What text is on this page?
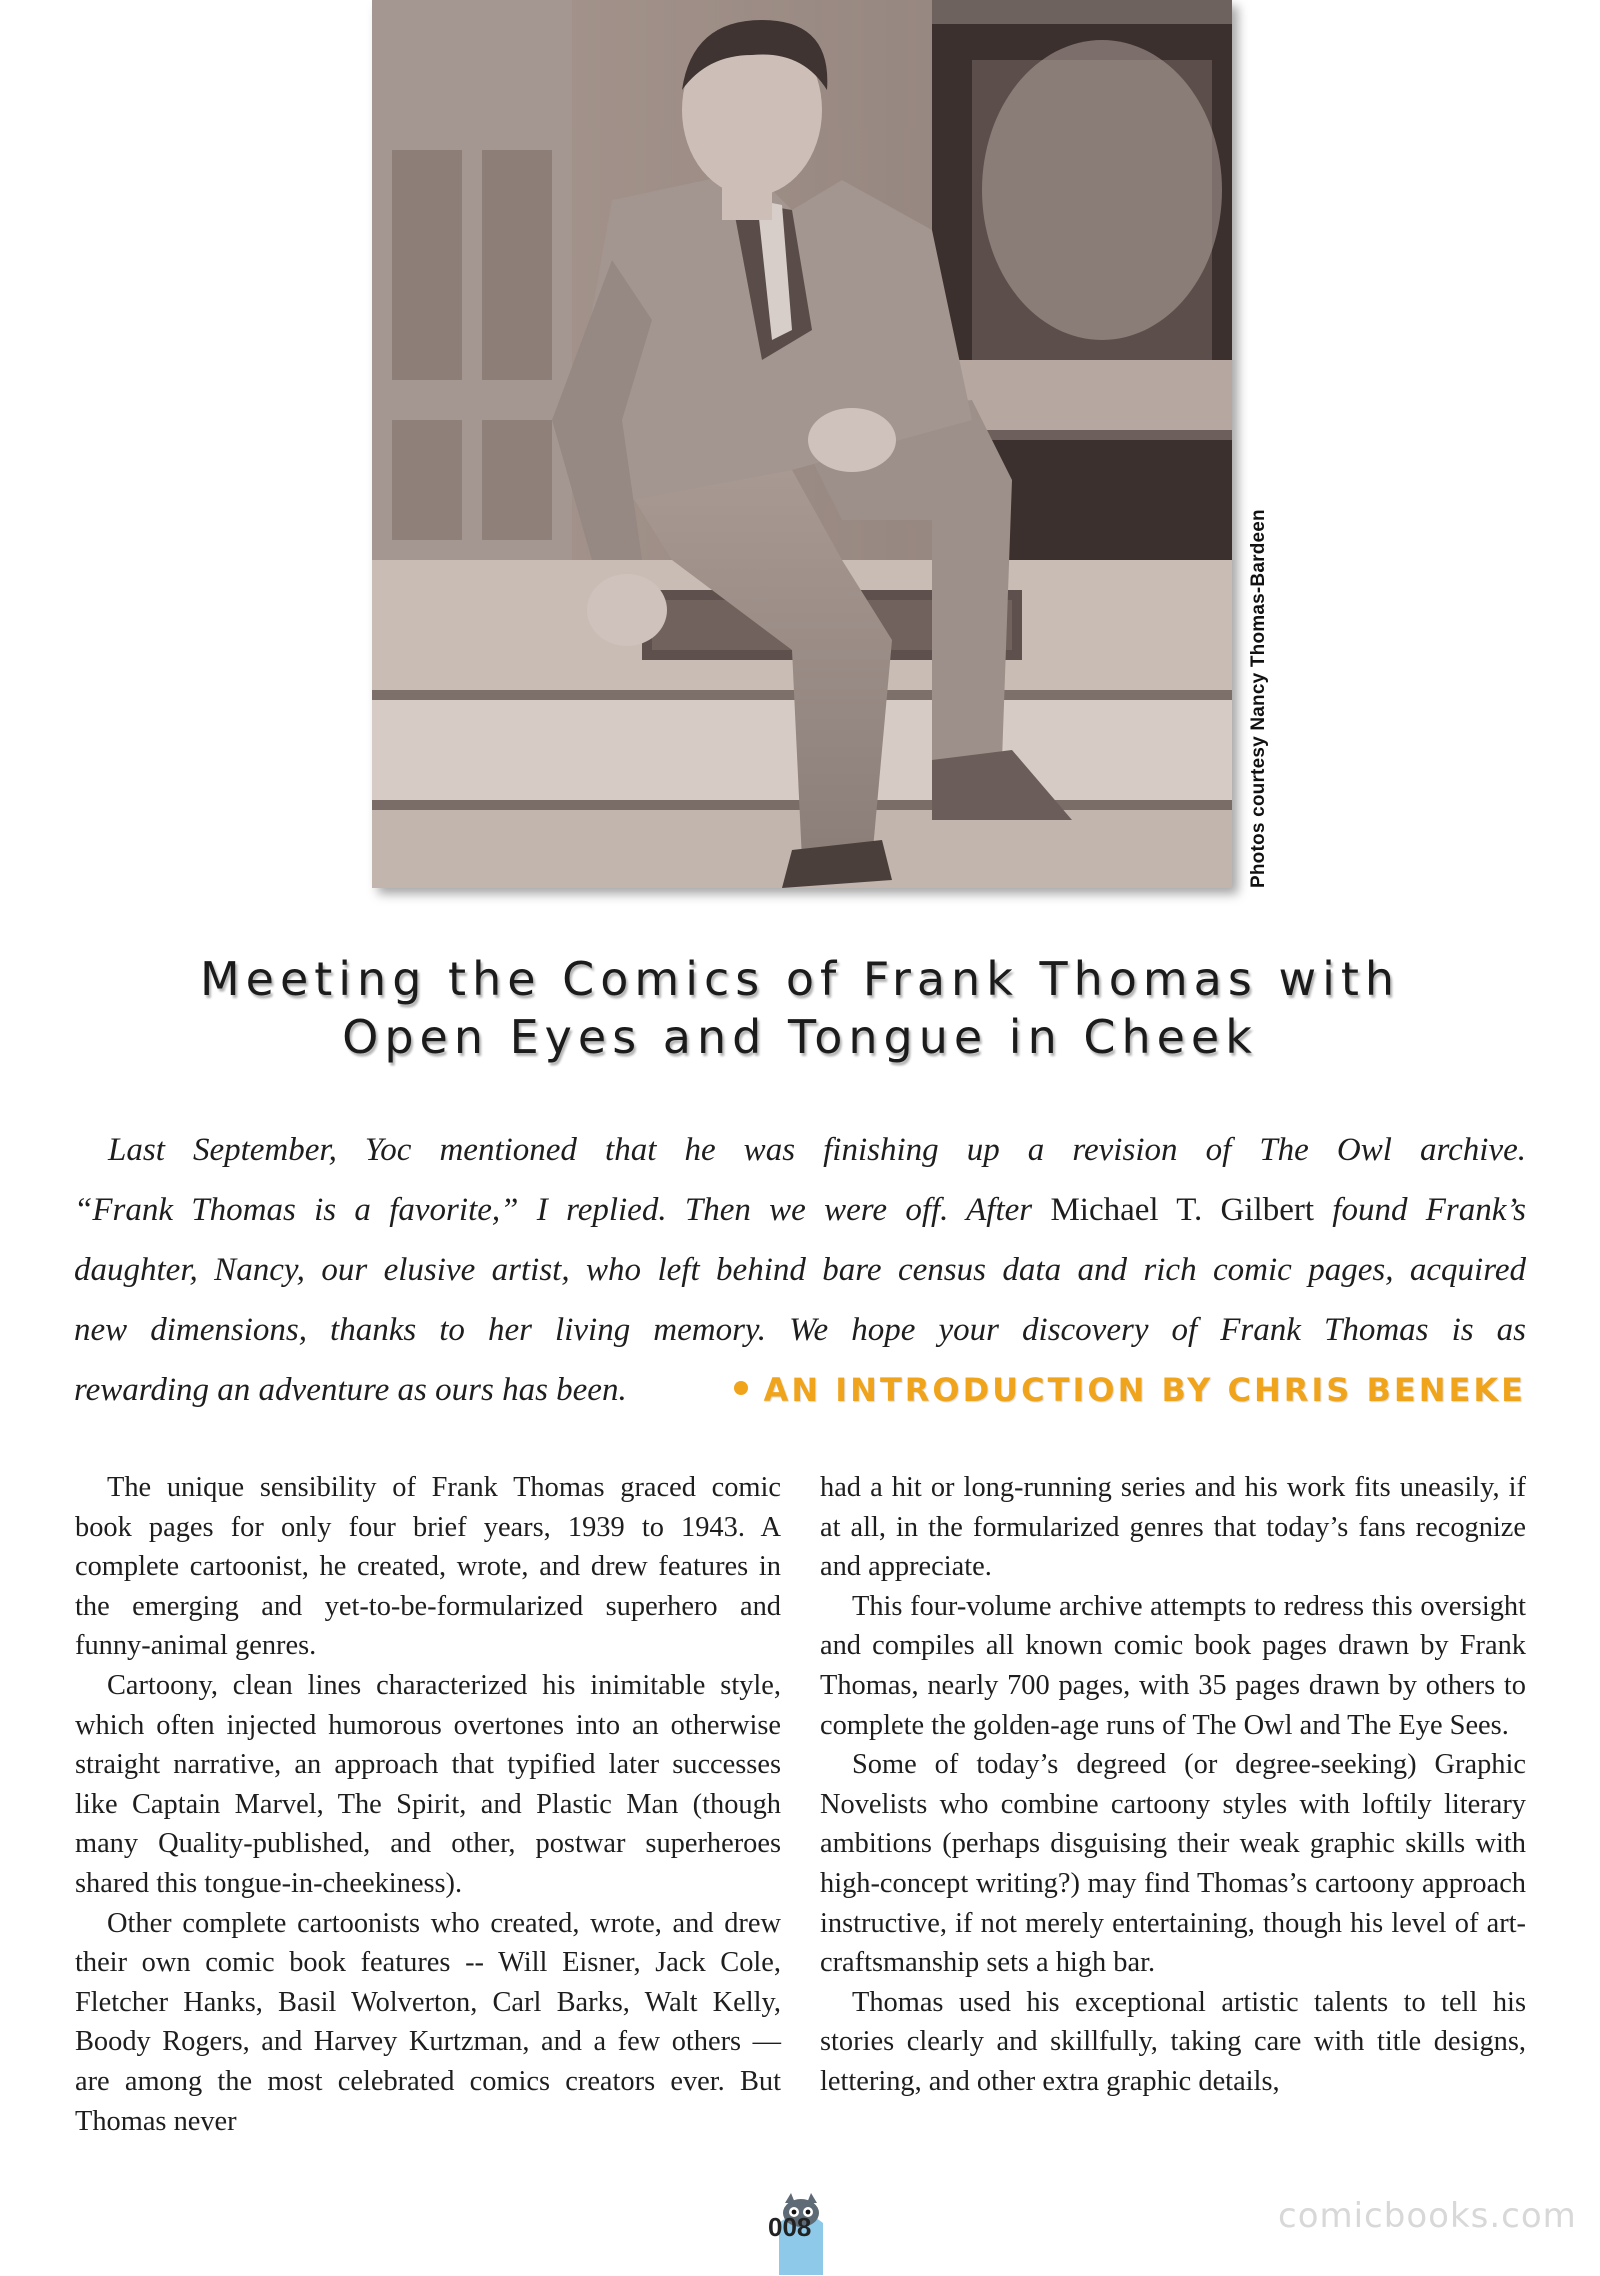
Photos courtesy Nancy Thomas-Bardeen
Meeting the Comics of Frank Thomas with
Open Eyes and Tongue in Cheek

Last September, Yoc mentioned that he was finishing up a revision of The Owl archive.

“Frank Thomas is a favorite,” I replied. Then we were off. After Michael T. Gilbert found Frank’s

daughter, Nancy, our elusive artist, who left behind bare census data and rich comic pages, acquired

new dimensions, thanks to her living memory. We hope your discovery of Frank Thomas is as

rewarding an adventure as ours has been.	AN INTRODUCTION BY CHRIS BENEKE

The unique sensibility of Frank Thomas graced comic book pages for only four brief years, 1939 to 1943. A complete cartoonist, he created, wrote, and drew features in the emerging and yet-to-be-formularized superhero and funny-animal genres.

Cartoony, clean lines characterized his inimitable style, which often injected humorous overtones into an otherwise straight narrative, an approach that typified later successes like Captain Marvel, The Spirit, and Plastic Man (though many Quality-published, and other, postwar superheroes shared this tongue-in-cheekiness).

Other complete cartoonists who created, wrote, and drew their own comic book features -- Will Eisner, Jack Cole, Fletcher Hanks, Basil Wolverton, Carl Barks, Walt Kelly, Boody Rogers, and Harvey Kurtzman, and a few others — are among the most celebrated comics creators ever. But Thomas never

had a hit or long-running series and his work fits uneasily, if at all, in the formularized genres that today’s fans recognize and appreciate.

This four-volume archive attempts to redress this oversight and compiles all known comic book pages drawn by Frank Thomas, nearly 700 pages, with 35 pages drawn by others to complete the golden-age runs of The Owl and The Eye Sees.

Some of today’s degreed (or degree-seeking) Graphic Novelists who combine cartoony styles with loftily literary ambitions (perhaps disguising their weak graphic skills with high-concept writing?) may find Thomas’s cartoony approach instructive, if not merely entertaining, though his level of art-craftsmanship sets a high bar.

Thomas used his exceptional artistic talents to tell his stories clearly and skillfully, taking care with title designs, lettering, and other extra graphic details,

008	comicbooks.com
